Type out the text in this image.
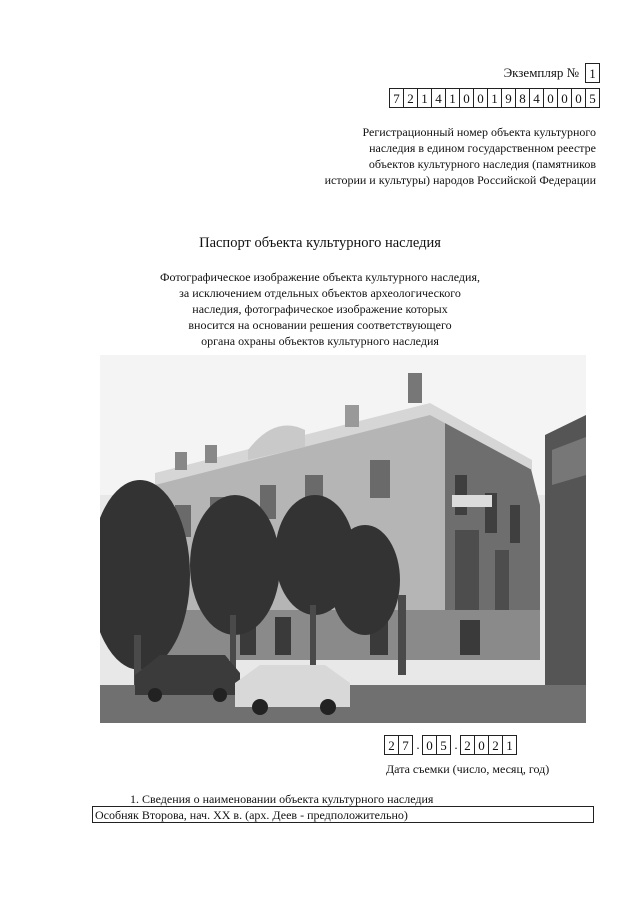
Экземпляр № 1
7 2 1 4 1 0 0 1 9 8 4 0 0 0 5
Регистрационный номер объекта культурного
наследия в едином государственном реестре
объектов культурного наследия (памятников
истории и культуры) народов Российской Федерации
Паспорт объекта культурного наследия
Фотографическое изображение объекта культурного наследия,
за исключением отдельных объектов археологического
наследия, фотографическое изображение которых
вносится на основании решения соответствующего
органа охраны объектов культурного наследия
2 7 . 0 5 . 2 0 2 1
Дата съемки (число, месяц, год)
1. Сведения о наименовании объекта культурного наследия
Особняк Второва, нач. XX в. (арх. Деев - предположительно)
